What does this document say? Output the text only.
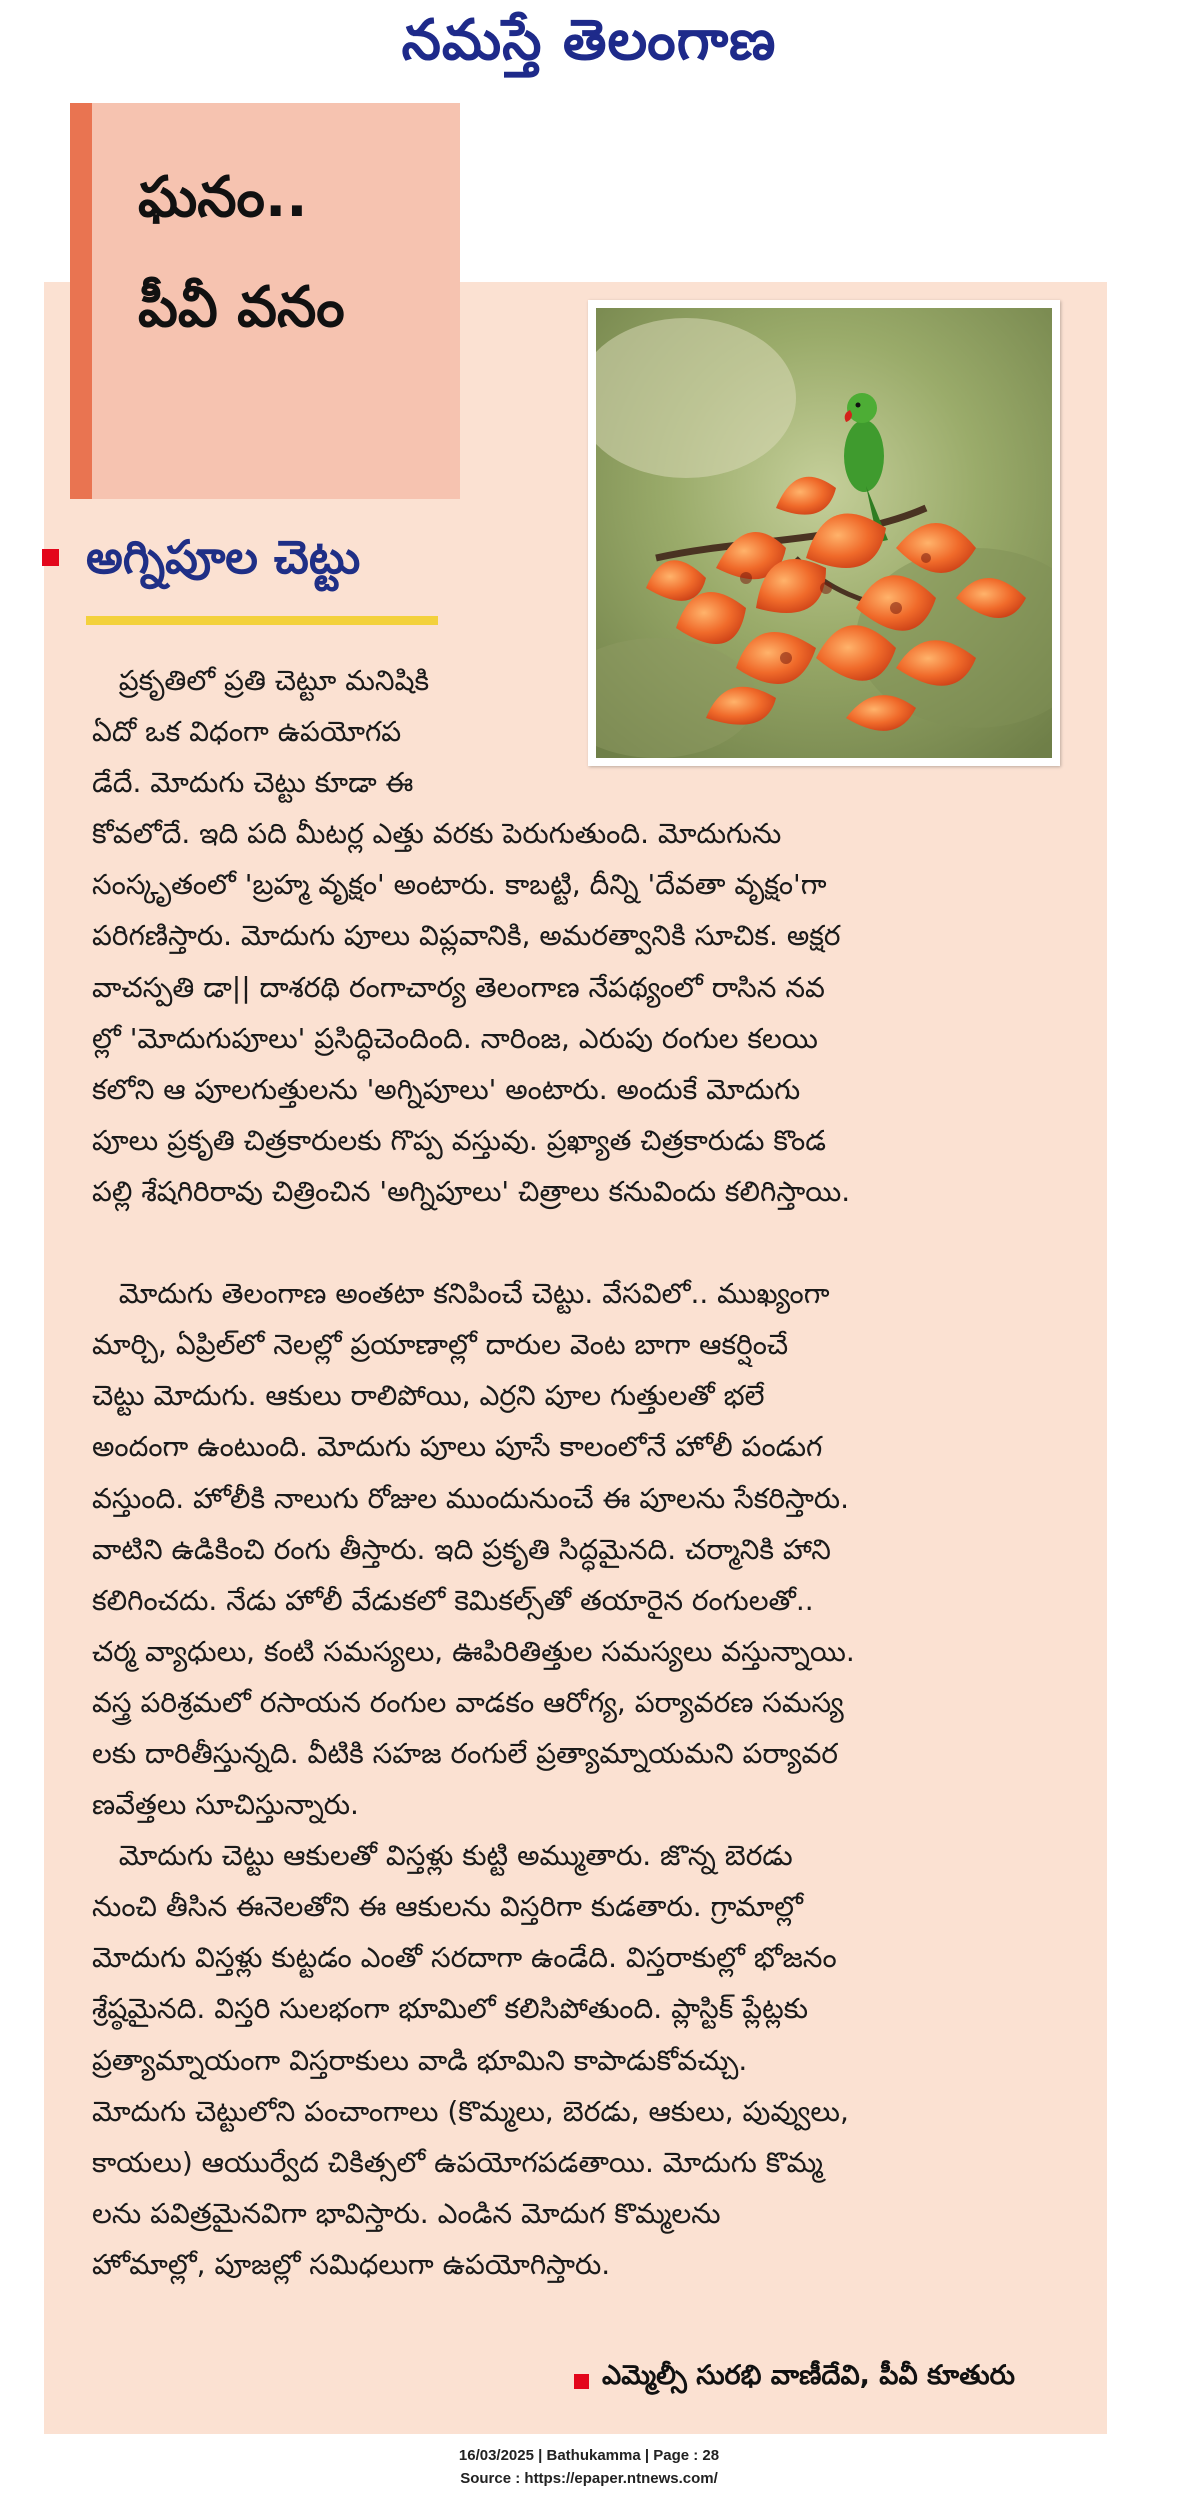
నమస్తే తెలంగాణ
ఘనం..
పీవీ వనం
అగ్నిపూల చెట్టు

ప్రకృతిలో ప్రతి చెట్టూ మనిషికి

ఏదో ఒక విధంగా ఉపయోగప

డేదే. మోదుగు చెట్టు కూడా ఈ

కోవలోదే. ఇది పది మీటర్ల ఎత్తు వరకు పెరుగుతుంది. మోదుగును

సంస్కృతంలో 'బ్రహ్మ వృక్షం' అంటారు. కాబట్టి, దీన్ని 'దేవతా వృక్షం'గా

పరిగణిస్తారు. మోదుగు పూలు విప్లవానికి, అమరత్వానికి సూచిక. అక్షర

వాచస్పతి డా|| దాశరథి రంగాచార్య తెలంగాణ నేపథ్యంలో రాసిన నవ

ల్లో 'మోదుగుపూలు' ప్రసిద్ధిచెందింది. నారింజ, ఎరుపు రంగుల కలయి

కలోని ఆ పూలగుత్తులను 'అగ్నిపూలు' అంటారు. అందుకే మోదుగు

పూలు ప్రకృతి చిత్రకారులకు గొప్ప వస్తువు. ప్రఖ్యాత చిత్రకారుడు కొండ

పల్లి శేషగిరిరావు చిత్రించిన 'అగ్నిపూలు' చిత్రాలు కనువిందు కలిగిస్తాయి.

మోదుగు తెలంగాణ అంతటా కనిపించే చెట్టు. వేసవిలో.. ముఖ్యంగా

మార్చి, ఏప్రిల్‌లో నెలల్లో ప్రయాణాల్లో దారుల వెంట బాగా ఆకర్షించే

చెట్టు మోదుగు. ఆకులు రాలిపోయి, ఎర్రని పూల గుత్తులతో భలే

అందంగా ఉంటుంది. మోదుగు పూలు పూసే కాలంలోనే హోలీ పండుగ

వస్తుంది. హోలీకి నాలుగు రోజుల ముందునుంచే ఈ పూలను సేకరిస్తారు.

వాటిని ఉడికించి రంగు తీస్తారు. ఇది ప్రకృతి సిద్ధమైనది. చర్మానికి హాని

కలిగించదు. నేడు హోలీ వేడుకలో కెమికల్స్‌తో తయారైన రంగులతో..

చర్మ వ్యాధులు, కంటి సమస్యలు, ఊపిరితిత్తుల సమస్యలు వస్తున్నాయి.

వస్త్ర పరిశ్రమలో రసాయన రంగుల వాడకం ఆరోగ్య, పర్యావరణ సమస్య

లకు దారితీస్తున్నది. వీటికి సహజ రంగులే ప్రత్యామ్నాయమని పర్యావర

ణవేత్తలు సూచిస్తున్నారు.

మోదుగు చెట్టు ఆకులతో విస్తళ్లు కుట్టి అమ్ముతారు. జొన్న బెరడు

నుంచి తీసిన ఈనెలతోని ఈ ఆకులను విస్తరిగా కుడతారు. గ్రామాల్లో

మోదుగు విస్తళ్లు కుట్టడం ఎంతో సరదాగా ఉండేది. విస్తరాకుల్లో భోజనం

శ్రేష్ఠమైనది. విస్తరి సులభంగా భూమిలో కలిసిపోతుంది. ప్లాస్టిక్ ప్లేట్లకు

ప్రత్యామ్నాయంగా విస్తరాకులు వాడి భూమిని కాపాడుకోవచ్చు.

మోదుగు చెట్టులోని పంచాంగాలు (కొమ్మలు, బెరడు, ఆకులు, పువ్వులు,

కాయలు) ఆయుర్వేద చికిత్సలో ఉపయోగపడతాయి. మోదుగు కొమ్మ

లను పవిత్రమైనవిగా భావిస్తారు. ఎండిన మోదుగ కొమ్మలను

హోమాల్లో, పూజల్లో సమిధలుగా ఉపయోగిస్తారు.

ఎమ్మెల్సీ సురభి వాణీదేవి, పీవీ కూతురు
16/03/2025 | Bathukamma | Page : 28
Source : https://epaper.ntnews.com/
